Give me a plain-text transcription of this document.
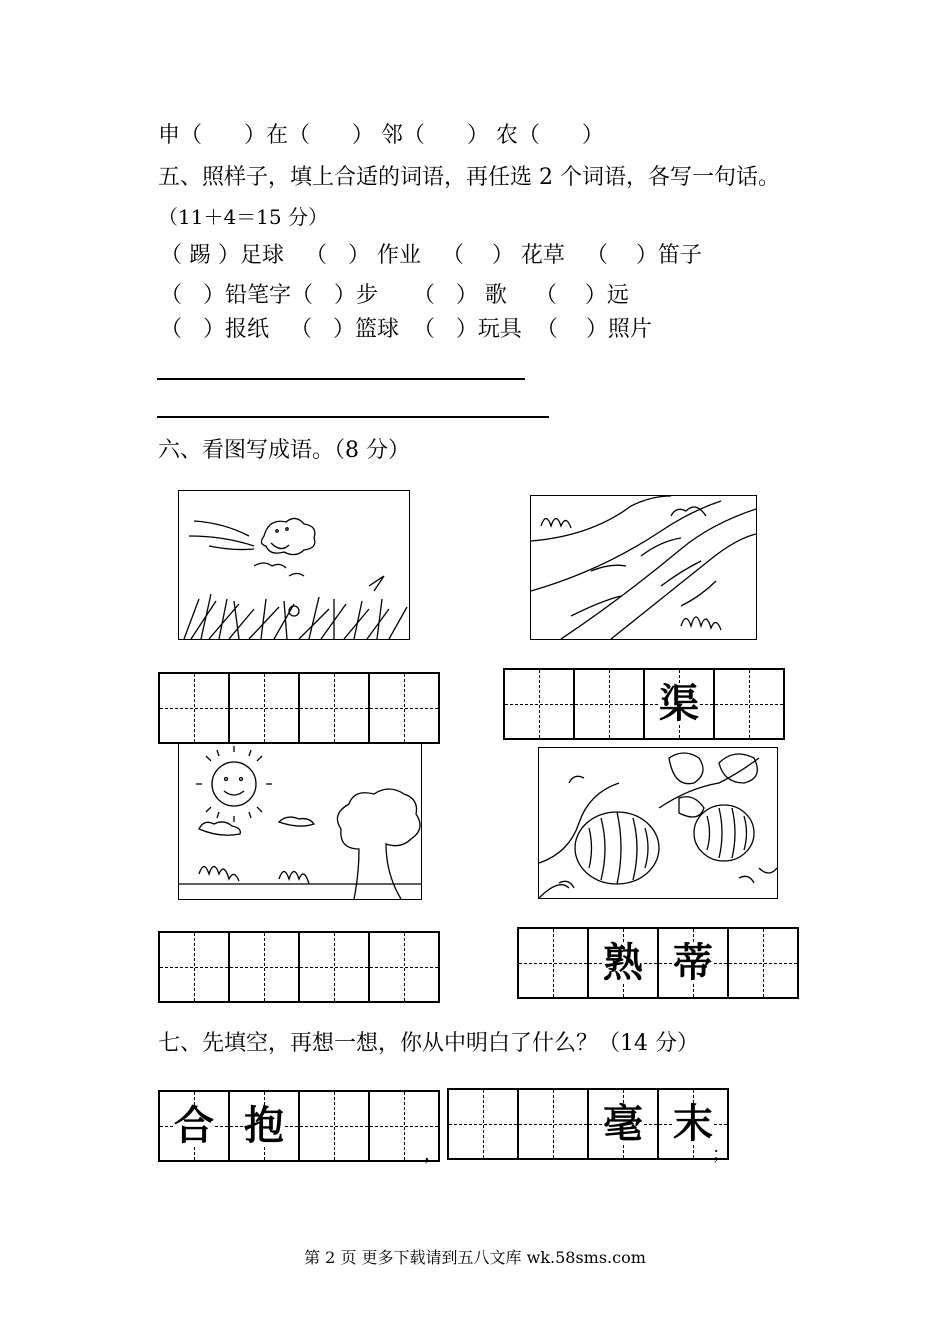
申（      ）在（      ） 邻（      ） 农（      ）
五、照样子，填上合适的词语，再任选 2 个词语，各写一句话。
（11＋4＝15 分）
（ 踢 ）足球   （   ） 作业   （    ） 花草   （    ）笛子
（   ）铅笔字（   ）步     （   ） 歌    （    ）远
（   ）报纸   （   ）篮球  （   ）玩具  （    ）照片
六、看图写成语。（8 分）
渠
熟 蒂
七、先填空，再想一想，你从中明白了什么？（14 分）
合 抱
，
毫 末
；
第 2 页 更多下载请到五八文库 wk.58sms.com
